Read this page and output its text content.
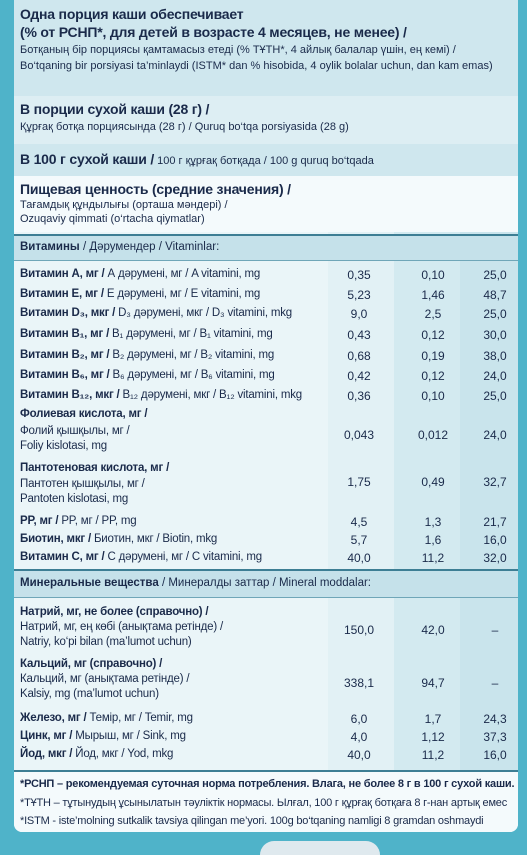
Одна порция каши обеспечивает
(% от РСНП*, для детей в возрасте 4 месяцев, не менее) /
Ботқаның бір порциясы қамтамасыз етеді (% ТҰТН*, 4 айлық балалар үшін, ең кемі) /
Bo‘tqaning bir porsiyasi ta’minlaydi (ISTM* dan % hisobida, 4 oylik bolalar uchun, dan kam emas)
В порции сухой каши (28 г) /
Құрғақ ботқа порциясында (28 г) / Quruq bo‘tqa porsiyasida (28 g)
В 100 г сухой каши / 100 г құрғақ ботқада / 100 g quruq bo‘tqada
Пищевая ценность (средние значения) /
Тағамдық құндылығы (орташа мәндері) /
Ozuqaviy qimmati (o‘rtacha qiymatlar)
Витамины / Дәрумендер / Vitaminlar:
Витамин A, мг / А дәрумені, мг / A vitamini, mg	0,35	0,10	25,0
Витамин E, мг / Е дәрумені, мг / E vitamini, mg	5,23	1,46	48,7
Витамин D₃, мкг / D₃ дәрумені, мкг / D₃ vitamini, mkg	9,0	2,5	25,0
Витамин B₁, мг / B₁ дәрумені, мг / B₁ vitamini, mg	0,43	0,12	30,0
Витамин B₂, мг / B₂ дәрумені, мг / B₂ vitamini, mg	0,68	0,19	38,0
Витамин B₆, мг / B₆ дәрумені, мг / B₆ vitamini, mg	0,42	0,12	24,0
Витамин B₁₂, мкг / B₁₂ дәрумені, мкг / B₁₂ vitamini, mkg	0,36	0,10	25,0
Фолиевая кислота, мг /
Фолий қышқылы, мг /
Foliy kislotasi, mg
0,043	0,012	24,0
Пантотеновая кислота, мг /
Пантотен қышқылы, мг /
Pantoten kislotasi, mg
1,75	0,49	32,7
PP, мг / PP, мг / PP, mg	4,5	1,3	21,7
Биотин, мкг / Биотин, мкг / Biotin, mkg	5,7	1,6	16,0
Витамин C, мг / С дәрумені, мг / C vitamini, mg	40,0	11,2	32,0
Минеральные вещества / Минералды заттар / Mineral moddalar:
Натрий, мг, не более (справочно) /
Натрий, мг, ең көбі (анықтама ретінде) /
Natriy, ko‘pi bilan (ma’lumot uchun)
150,0	42,0	–
Кальций, мг (справочно) /
Кальций, мг (анықтама ретінде) /
Kalsiy, mg (ma’lumot uchun)
338,1	94,7	–
Железо, мг / Темір, мг / Temir, mg	6,0	1,7	24,3
Цинк, мг / Мырыш, мг / Sink, mg	4,0	1,12	37,3
Йод, мкг / Йод, мкг / Yod, mkg	40,0	11,2	16,0
*РСНП – рекомендуемая суточная норма потребления. Влага, не более 8 г в 100 г сухой каши.
*ТҰТН – тұтынудың ұсынылатын тәуліктік нормасы. Ылғал, 100 г құрғақ ботқаға 8 г-нан артық емес
*ISTM - iste’molning sutkalik tavsiya qilingan me’yori. 100g bo‘tqaning namligi 8 gramdan oshmaydi
